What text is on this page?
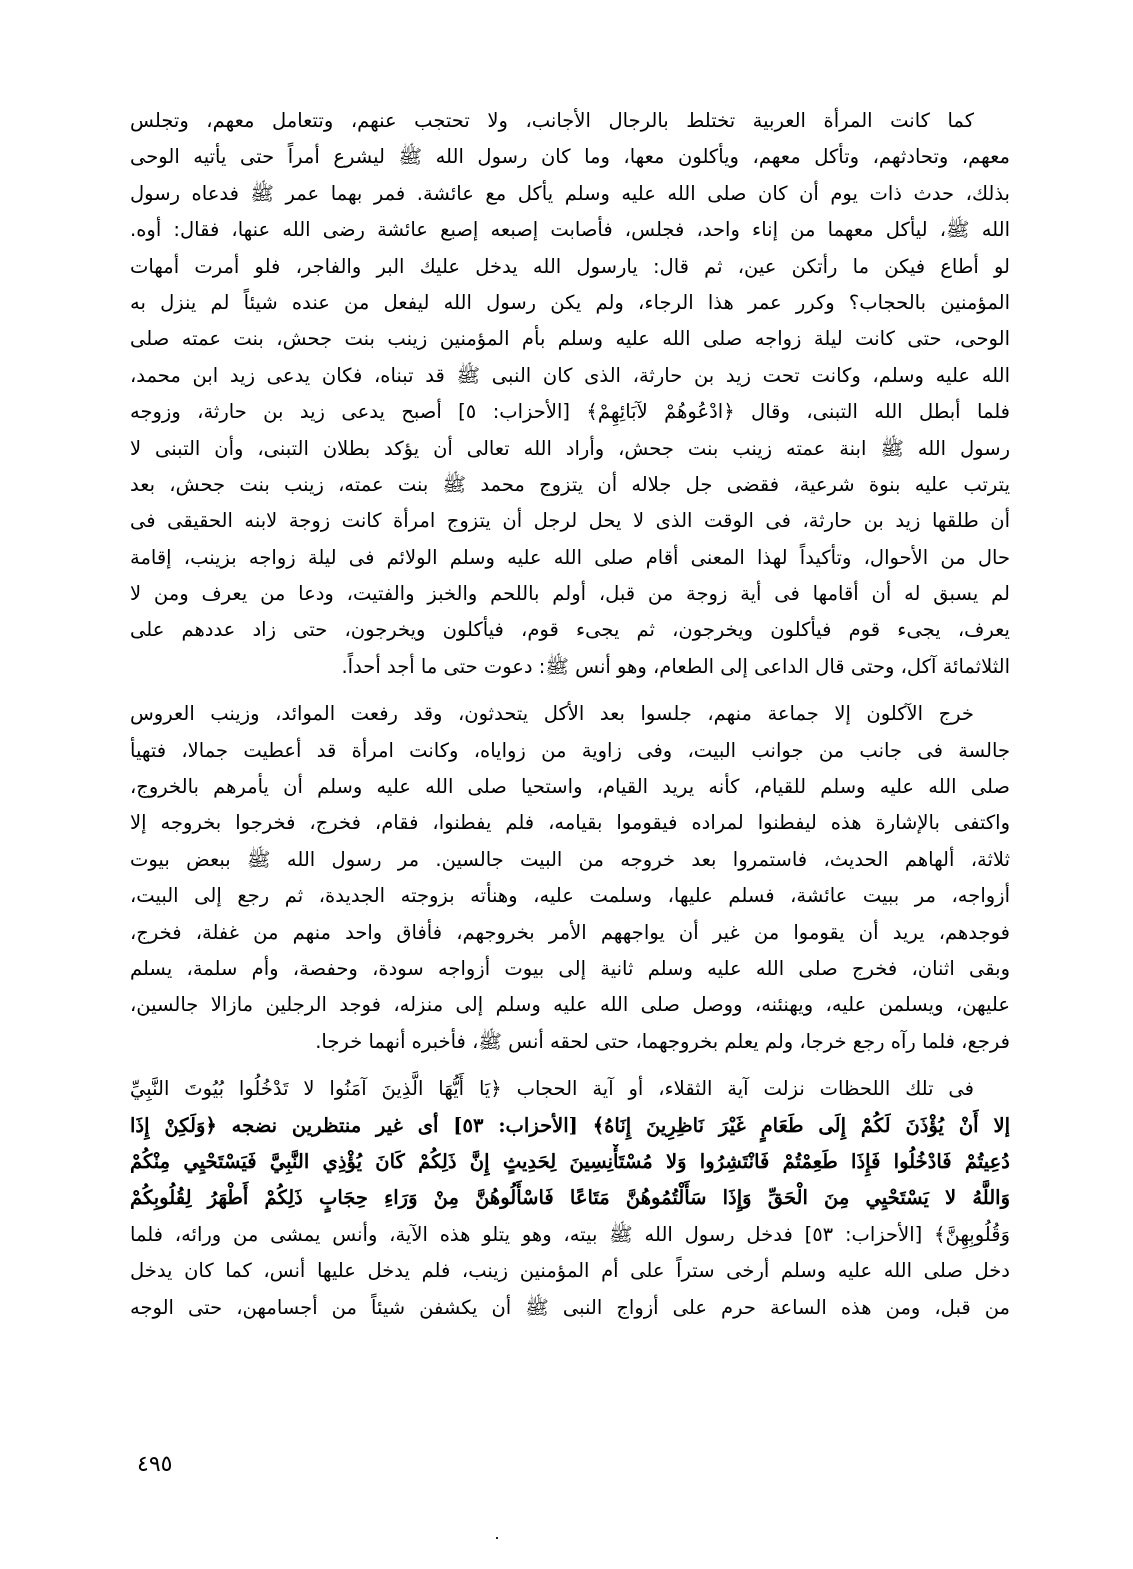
كما كانت المرأة العربية تختلط بالرجال الأجانب، ولا تحتجب عنهم، وتتعامل معهم، وتجلس
معهم، وتحادثهم، وتأكل معهم، ويأكلون معها، وما كان رسول الله ﷺ ليشرع أمراً حتى يأتيه الوحى
بذلك، حدث ذات يوم أن كان صلى الله عليه وسلم يأكل مع عائشة. فمر بهما عمر ﷺ فدعاه رسول
الله ﷺ، ليأكل معهما من إناء واحد، فجلس، فأصابت إصبعه إصبع عائشة رضى الله عنها، فقال: أوه.
لو أطاع فيكن ما رأتكن عين، ثم قال: يارسول الله يدخل عليك البر والفاجر، فلو أمرت أمهات
المؤمنين بالحجاب؟ وكرر عمر هذا الرجاء، ولم يكن رسول الله ليفعل من عنده شيئاً لم ينزل به
الوحى، حتى كانت ليلة زواجه صلى الله عليه وسلم بأم المؤمنين زينب بنت جحش، بنت عمته صلى
الله عليه وسلم، وكانت تحت زيد بن حارثة، الذى كان النبى ﷺ قد تبناه، فكان يدعى زيد ابن محمد،
فلما أبطل الله التبنى، وقال ﴿ادْعُوهُمْ لآبَائِهِمْ﴾ [الأحزاب: ٥] أصبح يدعى زيد بن حارثة، وزوجه
رسول الله ﷺ ابنة عمته زينب بنت جحش، وأراد الله تعالى أن يؤكد بطلان التبنى، وأن التبنى لا
يترتب عليه بنوة شرعية، فقضى جل جلاله أن يتزوج محمد ﷺ بنت عمته، زينب بنت جحش، بعد
أن طلقها زيد بن حارثة، فى الوقت الذى لا يحل لرجل أن يتزوج امرأة كانت زوجة لابنه الحقيقى فى
حال من الأحوال، وتأكيداً لهذا المعنى أقام صلى الله عليه وسلم الولائم فى ليلة زواجه بزينب، إقامة
لم يسبق له أن أقامها فى أية زوجة من قبل، أولم باللحم والخبز والفتيت، ودعا من يعرف ومن لا
يعرف، يجىء قوم فيأكلون ويخرجون، ثم يجىء قوم، فيأكلون ويخرجون، حتى زاد عددهم على
الثلاثمائة آكل، وحتى قال الداعى إلى الطعام، وهو أنس ﷺ: دعوت حتى ما أجد أحداً.
خرج الآكلون إلا جماعة منهم، جلسوا بعد الأكل يتحدثون، وقد رفعت الموائد، وزينب العروس
جالسة فى جانب من جوانب البيت، وفى زاوية من زواياه، وكانت امرأة قد أعطيت جمالا، فتهيأ
صلى الله عليه وسلم للقيام، كأنه يريد القيام، واستحيا صلى الله عليه وسلم أن يأمرهم بالخروج،
واكتفى بالإشارة هذه ليفطنوا لمراده فيقوموا بقيامه، فلم يفطنوا، فقام، فخرج، فخرجوا بخروجه إلا
ثلاثة، ألهاهم الحديث، فاستمروا بعد خروجه من البيت جالسين. مر رسول الله ﷺ ببعض بيوت
أزواجه، مر ببيت عائشة، فسلم عليها، وسلمت عليه، وهنأته بزوجته الجديدة، ثم رجع إلى البيت،
فوجدهم، يريد أن يقوموا من غير أن يواجههم الأمر بخروجهم، فأفاق واحد منهم من غفلة، فخرج،
وبقى اثنان، فخرج صلى الله عليه وسلم ثانية إلى بيوت أزواجه سودة، وحفصة، وأم سلمة، يسلم
عليهن، ويسلمن عليه، ويهنئنه، ووصل صلى الله عليه وسلم إلى منزله، فوجد الرجلين مازالا جالسين،
فرجع، فلما رآه رجع خرجا، ولم يعلم بخروجهما، حتى لحقه أنس ﷺ، فأخبره أنهما خرجا.
فى تلك اللحظات نزلت آية الثقلاء، أو آية الحجاب ﴿يَا أَيُّهَا الَّذِينَ آمَنُوا لا تَدْخُلُوا بُيُوتَ النَّبِيِّ
إلا أَنْ يُؤْذَنَ لَكُمْ إِلَى طَعَامٍ غَيْرَ نَاظِرِينَ إِنَاهُ﴾ [الأحزاب: ٥٣] أى غير منتظرين نضجه ﴿وَلَكِنْ إِذَا
دُعِيتُمْ فَادْخُلُوا فَإِذَا طَعِمْتُمْ فَانْتَشِرُوا وَلا مُسْتَأْنِسِينَ لِحَدِيثٍ إِنَّ ذَلِكُمْ كَانَ يُؤْذِي النَّبِيَّ فَيَسْتَحْيِي مِنْكُمْ
وَاللَّهُ لا يَسْتَحْيِي مِنَ الْحَقِّ وَإِذَا سَأَلْتُمُوهُنَّ مَتَاعًا فَاسْأَلُوهُنَّ مِنْ وَرَاءِ حِجَابٍ ذَلِكُمْ أَطْهَرُ لِقُلُوبِكُمْ
وَقُلُوبِهِنَّ﴾ [الأحزاب: ٥٣] فدخل رسول الله ﷺ بيته، وهو يتلو هذه الآية، وأنس يمشى من ورائه، فلما
دخل صلى الله عليه وسلم أرخى ستراً على أم المؤمنين زينب، فلم يدخل عليها أنس، كما كان يدخل
من قبل، ومن هذه الساعة حرم على أزواج النبى ﷺ أن يكشفن شيئاً من أجسامهن، حتى الوجه
٤٩٥
